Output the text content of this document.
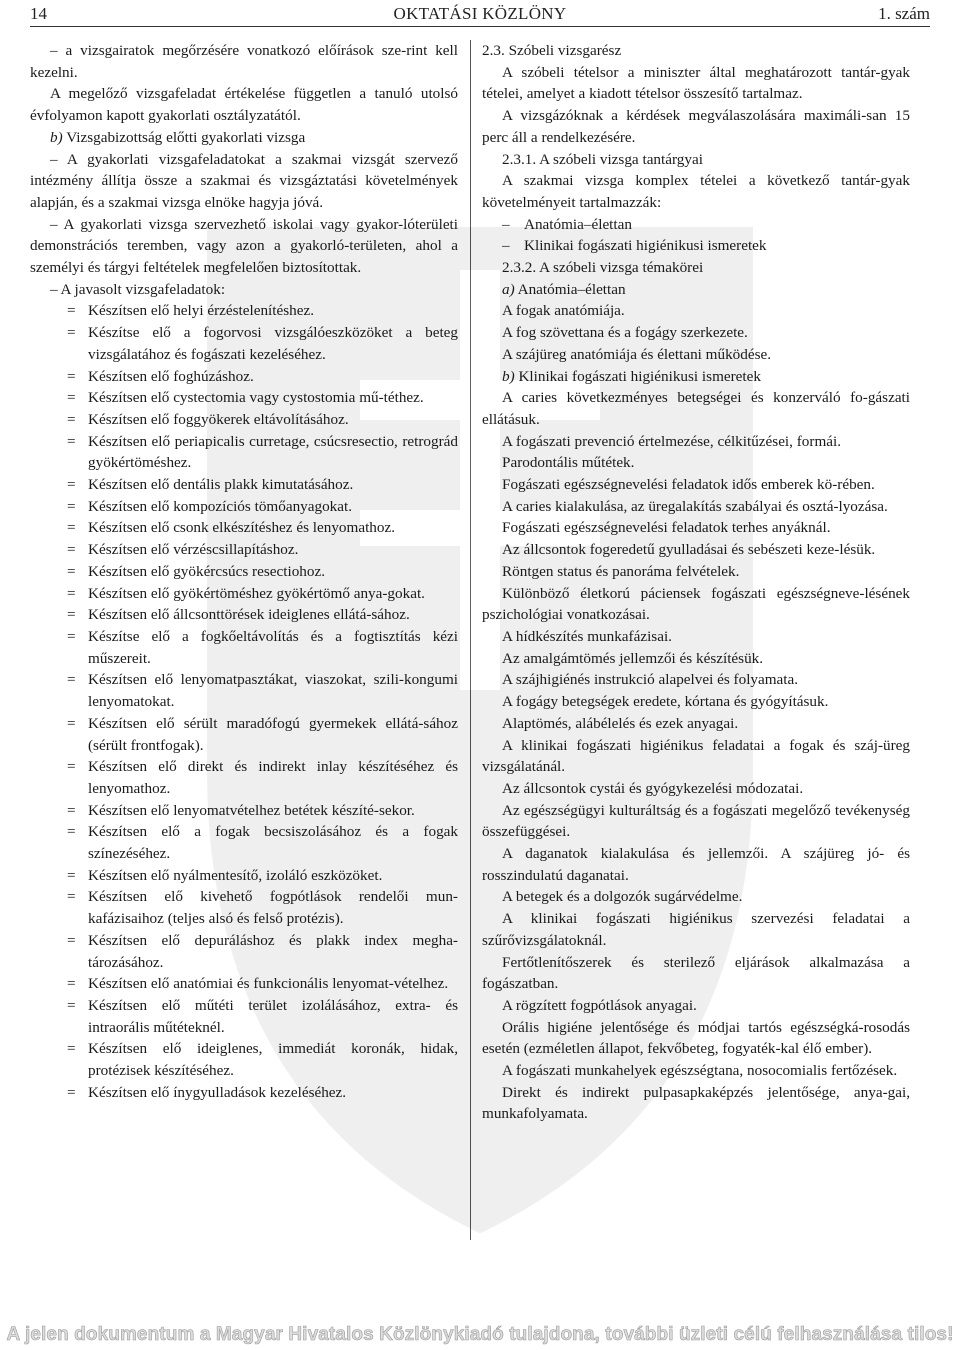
14	OKTATÁSI KÖZLÖNY	1. szám

– a vizsgairatok megőrzésére vonatkozó előírások sze-rint kell kezelni.

A megelőző vizsgafeladat értékelése független a tanuló utolsó évfolyamon kapott gyakorlati osztályzatától.

b) Vizsgabizottság előtti gyakorlati vizsga

– A gyakorlati vizsgafeladatokat a szakmai vizsgát szervező intézmény állítja össze a szakmai és vizsgáztatási követelmények alapján, és a szakmai vizsga elnöke hagyja jóvá.

– A gyakorlati vizsga szervezhető iskolai vagy gyakor-lóterületi demonstrációs teremben, vagy azon a gyakorló-területen, ahol a személyi és tárgyi feltételek megfelelően biztosítottak.

– A javasolt vizsgafeladatok:

= Készítsen elő helyi érzéstelenítéshez.

= Készítse elő a fogorvosi vizsgálóeszközöket a beteg vizsgálatához és fogászati kezeléséhez.

= Készítsen elő foghúzáshoz.

= Készítsen elő cystectomia vagy cystostomia mű-téthez.

= Készítsen elő foggyökerek eltávolításához.

= Készítsen elő periapicalis curretage, csúcsresectio, retrográd gyökértöméshez.

= Készítsen elő dentális plakk kimutatásához.

= Készítsen elő kompozíciós tömőanyagokat.

= Készítsen elő csonk elkészítéshez és lenyomathoz.

= Készítsen elő vérzéscsillapításhoz.

= Készítsen elő gyökércsúcs resectiohoz.

= Készítsen elő gyökértöméshez gyökértömő anya-gokat.

= Készítsen elő állcsonttörések ideiglenes ellátá-sához.

= Készítse elő a fogkőeltávolítás és a fogtisztítás kézi műszereit.

= Készítsen elő lenyomatpasztákat, viaszokat, szili-kongumi lenyomatokat.

= Készítsen elő sérült maradófogú gyermekek ellátá-sához (sérült frontfogak).

= Készítsen elő direkt és indirekt inlay készítéséhez és lenyomathoz.

= Készítsen elő lenyomatvételhez betétek készíté-sekor.

= Készítsen elő a fogak becsiszolásához és a fogak színezéséhez.

= Készítsen elő nyálmentesítő, izoláló eszközöket.

= Készítsen elő kivehető fogpótlások rendelői mun-kafázisaihoz (teljes alsó és felső protézis).

= Készítsen elő depuráláshoz és plakk index megha-tározásához.

= Készítsen elő anatómiai és funkcionális lenyomat-vételhez.

= Készítsen elő műtéti terület izolálásához, extra- és intraorális műtéteknél.

= Készítsen elő ideiglenes, immediát koronák, hidak, protézisek készítéséhez.

= Készítsen elő ínygyulladások kezeléséhez.

2.3. Szóbeli vizsgarész

A szóbeli tételsor a miniszter által meghatározott tantár-gyak tételei, amelyet a kiadott tételsor összesítő tartalmaz.

A vizsgázóknak a kérdések megválaszolására maximáli-san 15 perc áll a rendelkezésére.

2.3.1. A szóbeli vizsga tantárgyai

A szakmai vizsga komplex tételei a következő tantár-gyak követelményeit tartalmazzák:

– Anatómia–élettan

– Klinikai fogászati higiénikusi ismeretek

2.3.2. A szóbeli vizsga témakörei

a) Anatómia–élettan

A fogak anatómiája.

A fog szövettana és a fogágy szerkezete.

A szájüreg anatómiája és élettani működése.

b) Klinikai fogászati higiénikusi ismeretek

A caries következményes betegségei és konzerváló fo-gászati ellátásuk.

A fogászati prevenció értelmezése, célkitűzései, formái.

Parodontális műtétek.

Fogászati egészségnevelési feladatok idős emberek kö-rében.

A caries kialakulása, az üregalakítás szabályai és osztá-lyozása.

Fogászati egészségnevelési feladatok terhes anyáknál.

Az állcsontok fogeredetű gyulladásai és sebészeti keze-lésük.

Röntgen status és panoráma felvételek.

Különböző életkorú páciensek fogászati egészségneve-lésének pszichológiai vonatkozásai.

A hídkészítés munkafázisai.

Az amalgámtömés jellemzői és készítésük.

A szájhigiénés instrukció alapelvei és folyamata.

A fogágy betegségek eredete, kórtana és gyógyításuk.

Alaptömés, alábélelés és ezek anyagai.

A klinikai fogászati higiénikus feladatai a fogak és száj-üreg vizsgálatánál.

Az állcsontok cystái és gyógykezelési módozatai.

Az egészségügyi kulturáltság és a fogászati megelőző tevékenység összefüggései.

A daganatok kialakulása és jellemzői. A szájüreg jó- és rosszindulatú daganatai.

A betegek és a dolgozók sugárvédelme.

A klinikai fogászati higiénikus szervezési feladatai a szűrővizsgálatoknál.

Fertőtlenítőszerek és sterilező eljárások alkalmazása a fogászatban.

A rögzített fogpótlások anyagai.

Orális higiéne jelentősége és módjai tartós egészségká-rosodás esetén (ezméletlen állapot, fekvőbeteg, fogyaték-kal élő ember).

A fogászati munkahelyek egészségtana, nosocomialis fertőzések.

Direkt és indirekt pulpasapkaképzés jelentősége, anya-gai, munkafolyamata.

A jelen dokumentum a Magyar Hivatalos Közlönykiadó tulajdona, további üzleti célú felhasználása tilos!
